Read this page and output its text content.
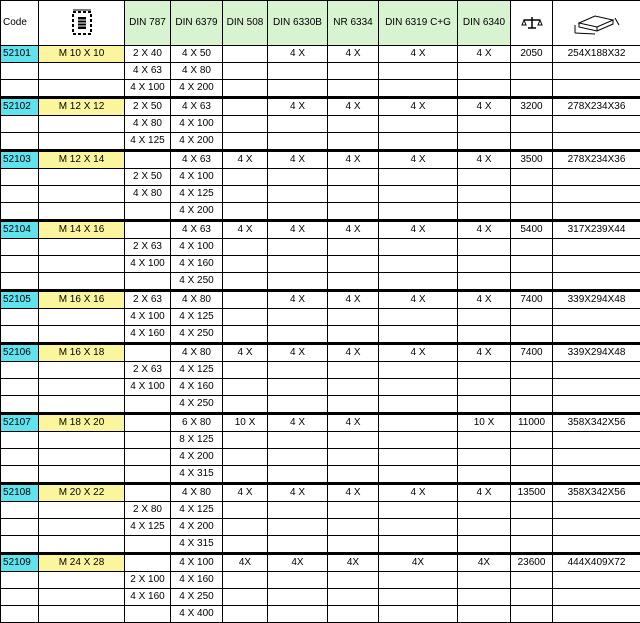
Code		DIN 787	DIN 6379	DIN 508	DIN 6330B	NR 6334	DIN 6319 C+G	DIN 6340	

52101	M 10 X 10	2 X 40	4 X 50		4 X	4 X	4 X	4 X	2050	254X188X32
		4 X 63	4 X 80							
		4 X 100	4 X 200							
52102	M 12 X 12	2 X 50	4 X 63		4 X	4 X	4 X	4 X	3200	278X234X36
		4 X 80	4 X 100							
		4 X 125	4 X 200							
52103	M 12 X 14		4 X 63	4 X	4 X	4 X	4 X	4 X	3500	278X234X36
		2 X 50	4 X 100							
		4 X 80	4 X 125							
			4 X 200							
52104	M 14 X 16		4 X 63	4 X	4 X	4 X	4 X	4 X	5400	317X239X44
		2 X 63	4 X 100							
		4 X 100	4 X 160							
			4 X 250							
52105	M 16 X 16	2 X 63	4 X 80		4 X	4 X	4 X	4 X	7400	339X294X48
		4 X 100	4 X 125							
		4 X 160	4 X 250							
52106	M 16 X 18		4 X 80	4 X	4 X	4 X	4 X	4 X	7400	339X294X48
		2 X 63	4 X 125							
		4 X 100	4 X 160							
			4 X 250							
52107	M 18 X 20		6 X 80	10 X	4 X	4 X		10 X	11000	358X342X56
			8 X 125							
			4 X 200							
			4 X 315							
52108	M 20 X 22		4 X 80	4 X	4 X	4 X	4 X	4 X	13500	358X342X56
		2 X 80	4 X 125							
		4 X 125	4 X 200							
			4 X 315							
52109	M 24 X 28		4 X 100	4X	4X	4X	4X	4X	23600	444X409X72
		2 X 100	4 X 160							
		4 X 160	4 X 250							
			4 X 400							
